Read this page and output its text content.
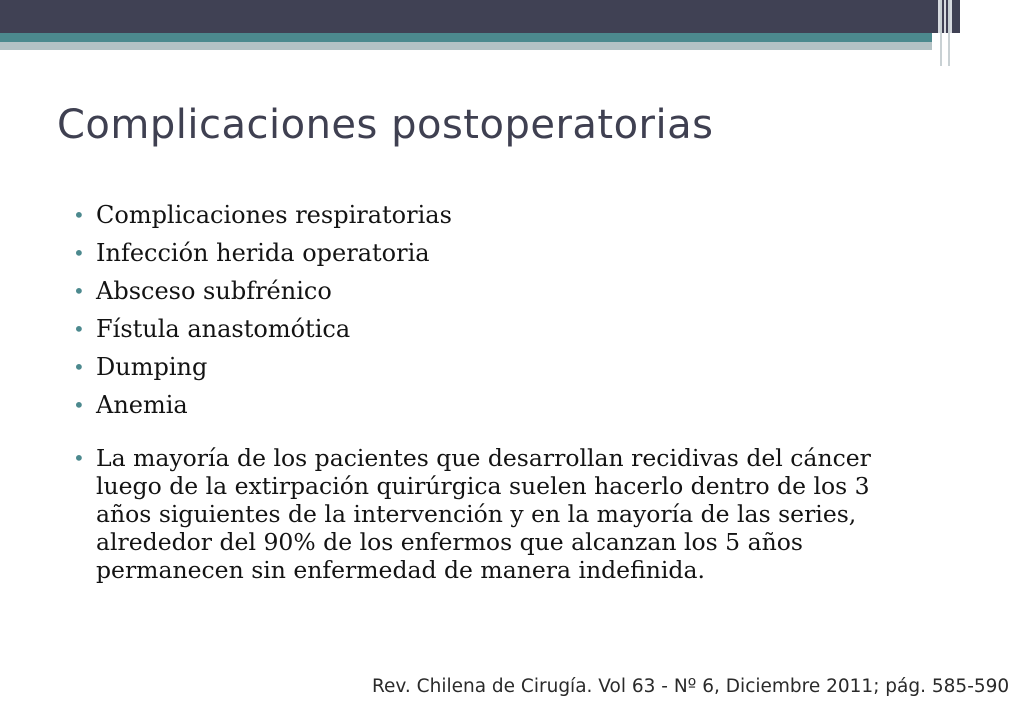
Complicaciones postoperatorias
• Complicaciones respiratorias
• Infección herida operatoria
• Absceso subfrénico
• Fístula anastomótica
• Dumping
• Anemia
• La mayoría de los pacientes que desarrollan recidivas del cáncer luego de la extirpación quirúrgica suelen hacerlo dentro de los 3 años siguientes de la intervención y en la mayoría de las series, alrededor del 90% de los enfermos que alcanzan los 5 años permanecen sin enfermedad de manera indefinida.
Rev. Chilena de Cirugía. Vol 63 - Nº 6, Diciembre 2011; pág. 585-590
